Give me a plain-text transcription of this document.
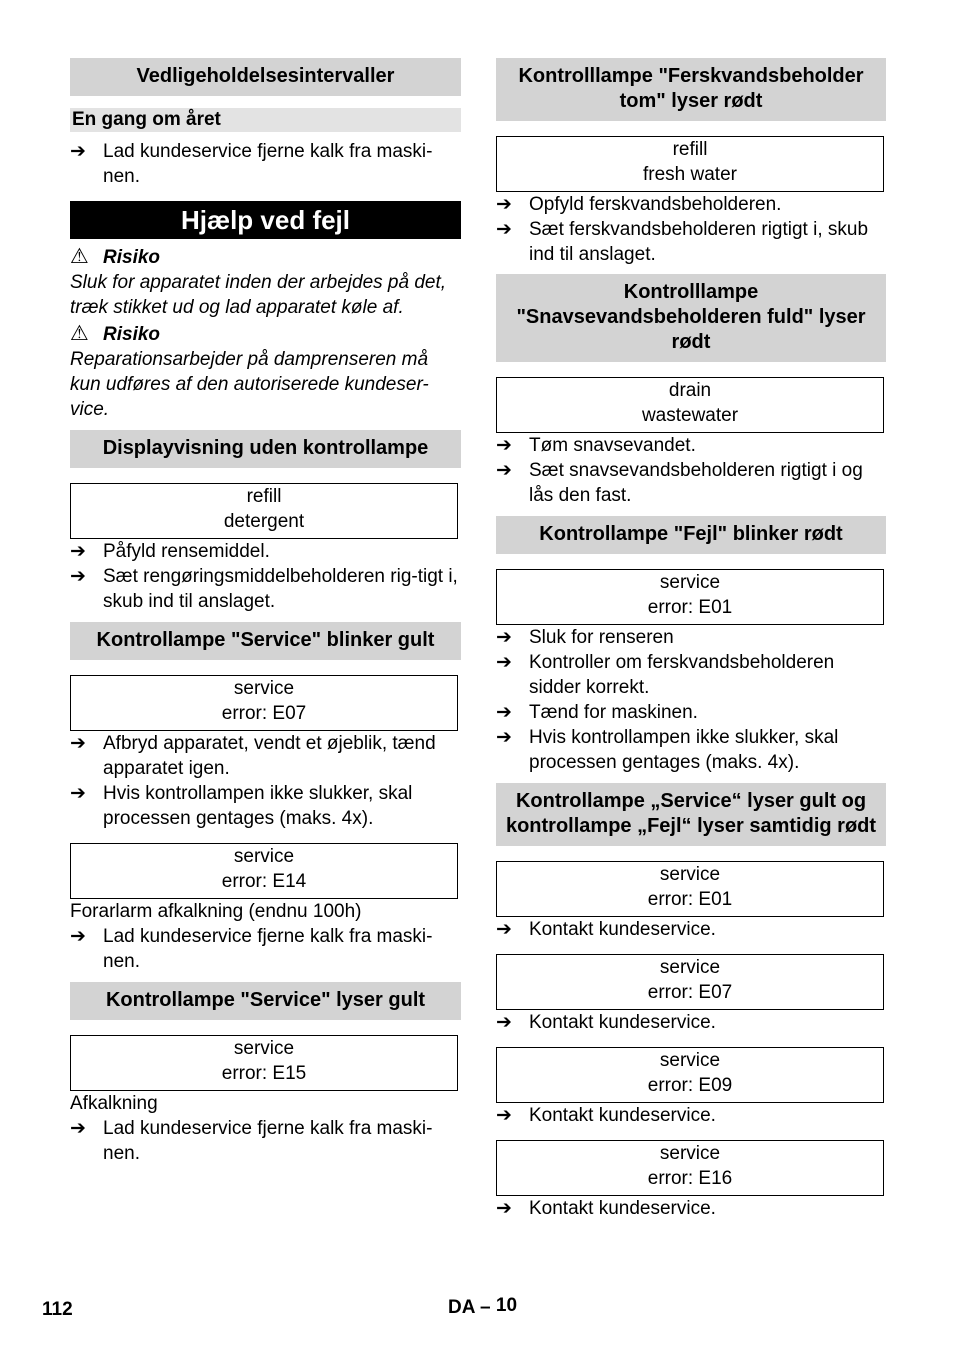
Vedligeholdelsesintervaller
En gang om året
➔ Lad kundeservice fjerne kalk fra maski-
nen.
Hjælp ved fejl
⚠ Risiko
Sluk for apparatet inden der arbejdes på det, træk stikket ud og lad apparatet køle af.
⚠ Risiko
Reparationsarbejder på damprenseren må kun udføres af den autoriserede kundeser-vice.
Displayvisning uden kontrollampe
refill
detergent
➔ Påfyld rensemiddel.
➔ Sæt rengøringsmiddelbeholderen rig-tigt i, skub ind til anslaget.
Kontrollampe "Service" blinker gult
service
error: E07
➔ Afbryd apparatet, vendt et øjeblik, tænd apparatet igen.
➔ Hvis kontrollampen ikke slukker, skal processen gentages (maks. 4x).
service
error: E14
Forarlarm afkalkning (endnu 100h)
➔ Lad kundeservice fjerne kalk fra maski-nen.
Kontrollampe "Service" lyser gult
service
error: E15
Afkalkning
➔ Lad kundeservice fjerne kalk fra maski-nen.
Kontrolllampe "Ferskvandsbeholder tom" lyser rødt
refill
fresh water
➔ Opfyld ferskvandsbeholderen.
➔ Sæt ferskvandsbeholderen rigtigt i, skub ind til anslaget.
Kontrolllampe "Snavsevandsbeholderen fuld" lyser rødt
drain
wastewater
➔ Tøm snavsevandet.
➔ Sæt snavsevandsbeholderen rigtigt i og lås den fast.
Kontrollampe "Fejl" blinker rødt
service
error: E01
➔ Sluk for renseren
➔ Kontroller om ferskvandsbeholderen sidder korrekt.
➔ Tænd for maskinen.
➔ Hvis kontrollampen ikke slukker, skal processen gentages (maks. 4x).
Kontrollampe „Service“ lyser gult og kontrollampe „Fejl“ lyser samtidig rødt
service
error: E01
➔ Kontakt kundeservice.
service
error: E07
➔ Kontakt kundeservice.
service
error: E09
➔ Kontakt kundeservice.
service
error: E16
➔ Kontakt kundeservice.
112	DA – 10
